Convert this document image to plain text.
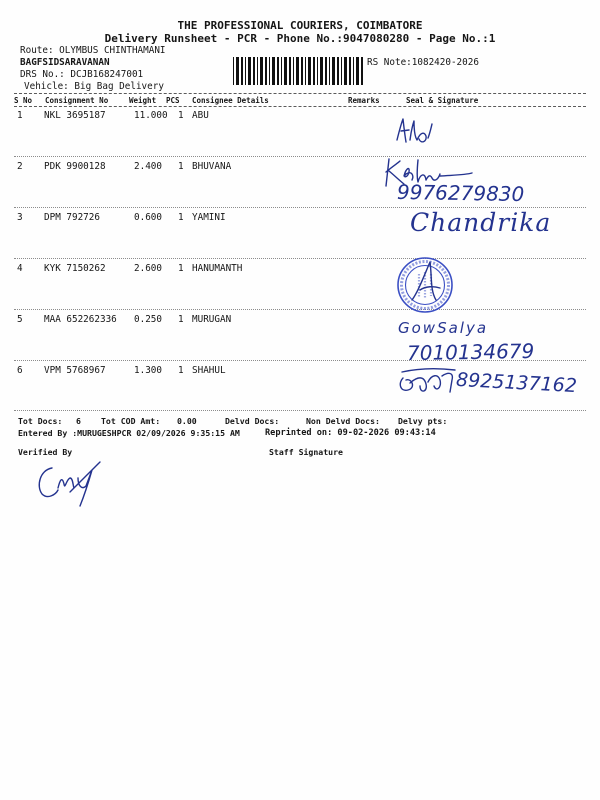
THE PROFESSIONAL COURIERS, COIMBATORE
Delivery Runsheet - PCR - Phone No.:9047080280 - Page No.:1
Route: OLYMBUS CHINTHAMANI
BAGFSIDSARAVANAN
DRS No.: DCJB168247001
Vehicle: Big Bag Delivery
RS Note:1082420-2026
S No Consignment No	Weight PCS Consignee Details	Remarks	Seal & Signature
1 NKL 3695187	11.000 1 ABU
2 PDK 9900128	2.400 1 BHUVANA
3 DPM 792726	0.600 1 YAMINI
4 KYK 7150262	2.600 1 HANUMANTH
5 MAA 652262336 0.250 1 MURUGAN
6 VPM 5768967	1.300 1 SHAHUL
9976279830
Chandrika
GowSalya
7010134679
8925137162
Tot Docs: 6 Tot COD Amt: 0.00	Delvd Docs:	Non Delvd Docs: Delvy pts:
Entered By :MURUGESHPCR 02/09/2026 9:35:15 AM	Reprinted on: 09-02-2026 09:43:14
Verified By	Staff Signature
